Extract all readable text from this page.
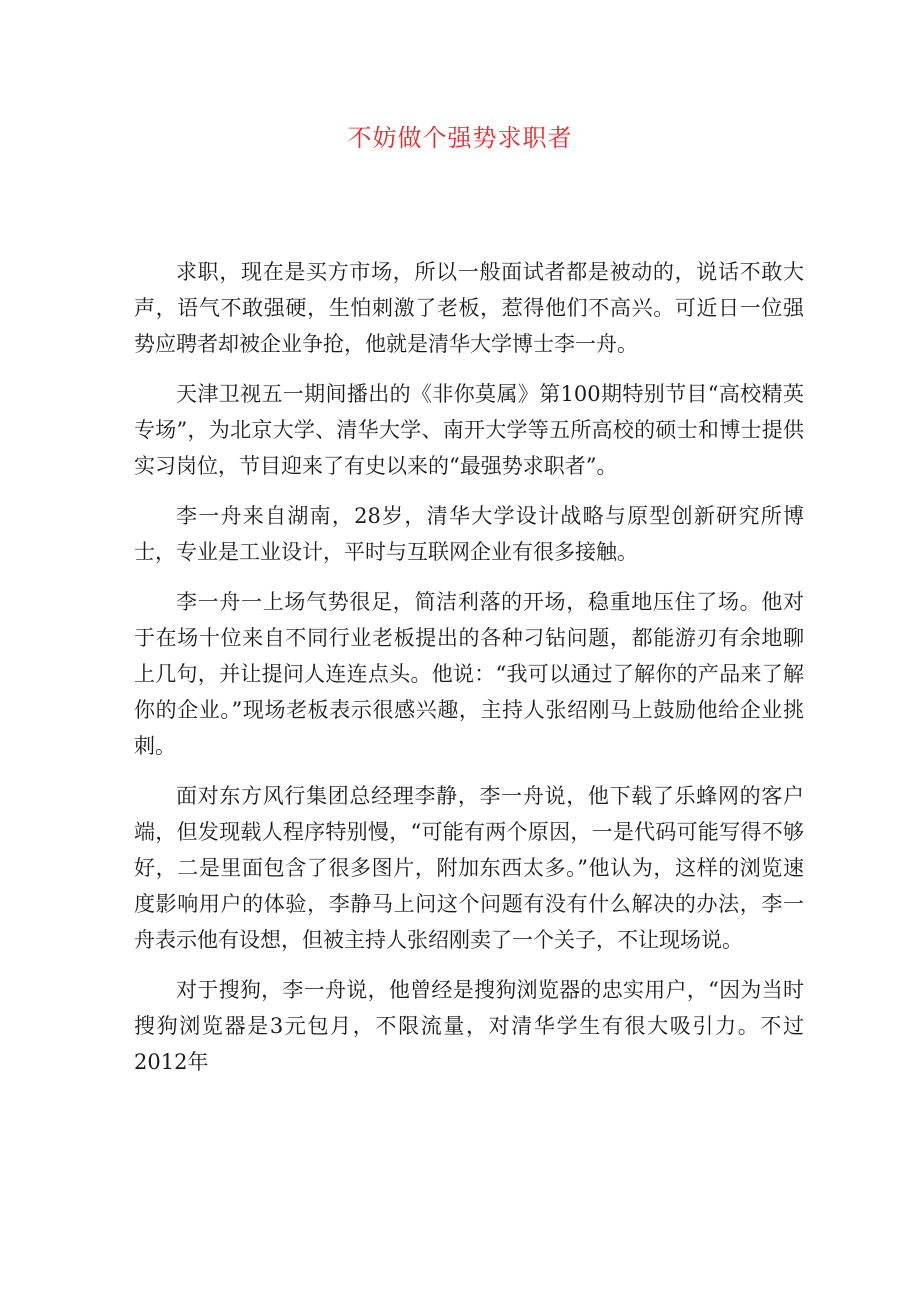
不妨做个强势求职者

求职，现在是买方市场，所以一般面试者都是被动的，说话不敢大声，语气不敢强硬，生怕刺激了老板，惹得他们不高兴。可近日一位强势应聘者却被企业争抢，他就是清华大学博士李一舟。

天津卫视五一期间播出的《非你莫属》第100期特别节目“高校精英专场”，为北京大学、清华大学、南开大学等五所高校的硕士和博士提供实习岗位，节目迎来了有史以来的“最强势求职者”。

李一舟来自湖南，28岁，清华大学设计战略与原型创新研究所博士，专业是工业设计，平时与互联网企业有很多接触。

李一舟一上场气势很足，简洁利落的开场，稳重地压住了场。他对于在场十位来自不同行业老板提出的各种刁钻问题，都能游刃有余地聊上几句，并让提问人连连点头。他说：“我可以通过了解你的产品来了解你的企业。”现场老板表示很感兴趣，主持人张绍刚马上鼓励他给企业挑刺。

面对东方风行集团总经理李静，李一舟说，他下载了乐蜂网的客户端，但发现载人程序特别慢，“可能有两个原因，一是代码可能写得不够好，二是里面包含了很多图片，附加东西太多。”他认为，这样的浏览速度影响用户的体验，李静马上问这个问题有没有什么解决的办法，李一舟表示他有设想，但被主持人张绍刚卖了一个关子，不让现场说。

对于搜狗，李一舟说，他曾经是搜狗浏览器的忠实用户，“因为当时搜狗浏览器是3元包月，不限流量，对清华学生有很大吸引力。不过2012年
